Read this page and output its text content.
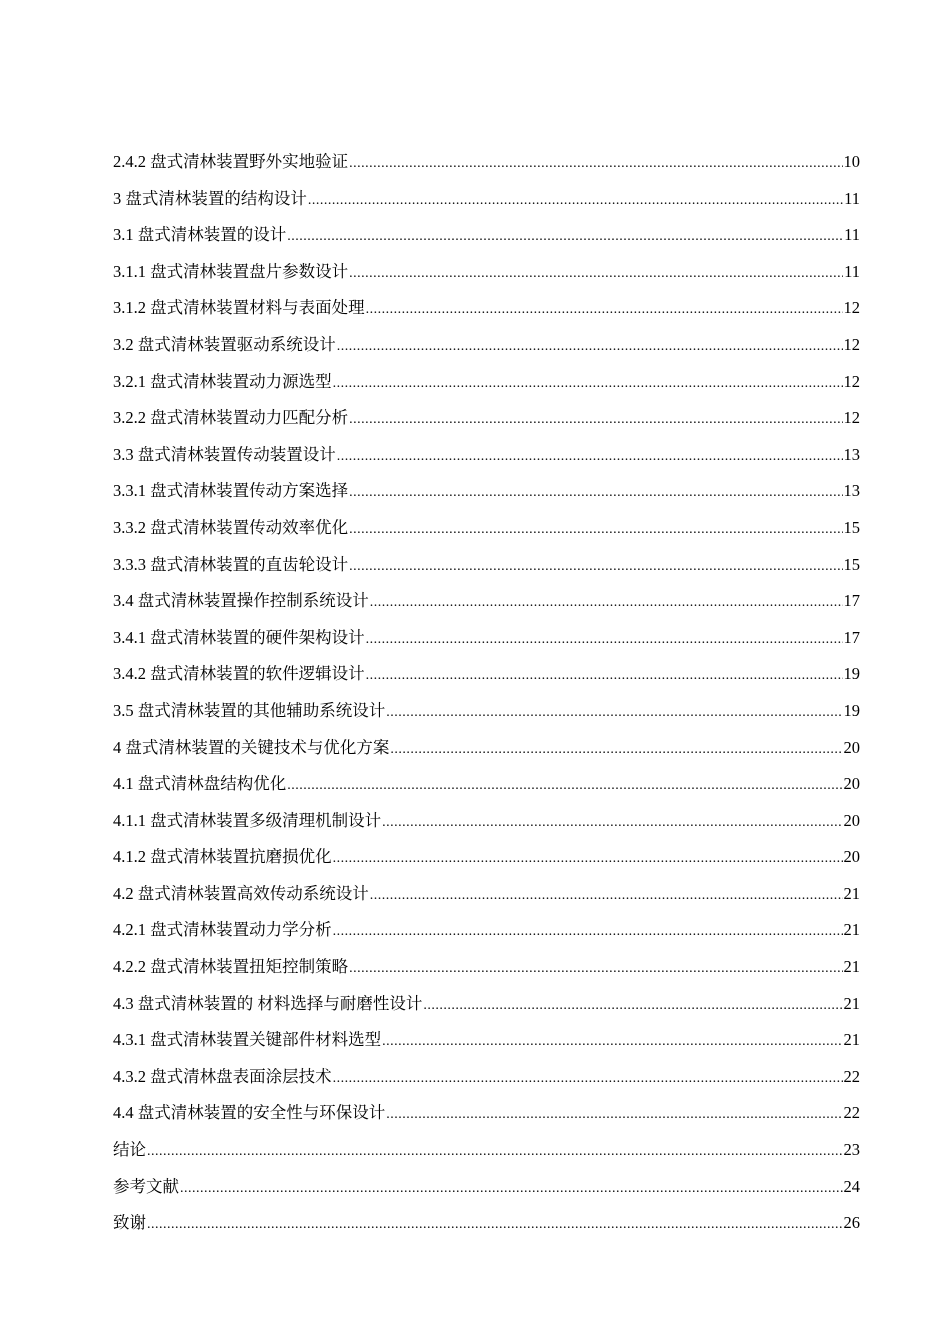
2.4.2 盘式清林装置野外实地验证 .....	10
3 盘式清林装置的结构设计 .....	11
3.1 盘式清林装置的设计 .....	11
3.1.1 盘式清林装置盘片参数设计 .....	11
3.1.2 盘式清林装置材料与表面处理 .....	12
3.2 盘式清林装置驱动系统设计 .....	12
3.2.1 盘式清林装置动力源选型 .....	12
3.2.2 盘式清林装置动力匹配分析 .....	12
3.3 盘式清林装置传动装置设计 .....	13
3.3.1 盘式清林装置传动方案选择 .....	13
3.3.2 盘式清林装置传动效率优化 .....	15
3.3.3 盘式清林装置的直齿轮设计 .....	15
3.4 盘式清林装置操作控制系统设计 .....	17
3.4.1 盘式清林装置的硬件架构设计 .....	17
3.4.2 盘式清林装置的软件逻辑设计 .....	19
3.5 盘式清林装置的其他辅助系统设计 .....	19
4 盘式清林装置的关键技术与优化方案 .....	20
4.1 盘式清林盘结构优化 .....	20
4.1.1 盘式清林装置多级清理机制设计 .....	20
4.1.2 盘式清林装置抗磨损优化 .....	20
4.2 盘式清林装置高效传动系统设计 .....	21
4.2.1 盘式清林装置动力学分析 .....	21
4.2.2 盘式清林装置扭矩控制策略 .....	21
4.3 盘式清林装置的 材料选择与耐磨性设计 .....	21
4.3.1 盘式清林装置关键部件材料选型 .....	21
4.3.2 盘式清林盘表面涂层技术 .....	22
4.4 盘式清林装置的安全性与环保设计 .....	22
结论 .....	23
参考文献 .....	24
致谢 .....	26
